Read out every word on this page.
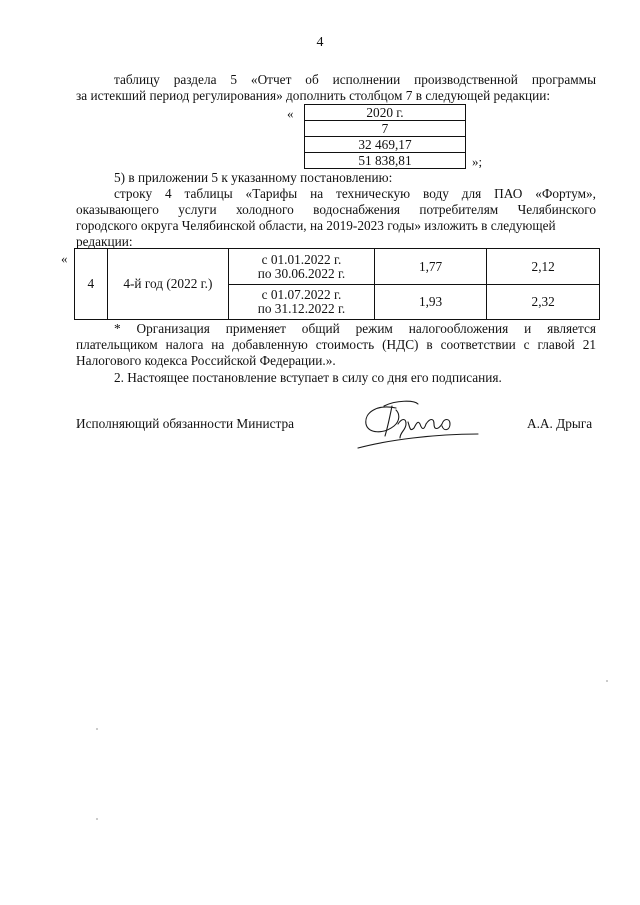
4
таблицу раздела 5 «Отчет об исполнении производственной программы
за истекший период регулирования» дополнить столбцом 7 в следующей редакции:
«	2020 г.
7
32 469,17
51 838,81	»;
5) в приложении 5 к указанному постановлению:
строку 4 таблицы «Тарифы на техническую воду для ПАО «Фортум»,
оказывающего услуги холодного водоснабжения потребителям Челябинского
городского округа Челябинской области, на 2019-2023 годы» изложить в следующей
редакции:
«
4	4-й год (2022 г.)	с 01.01.2022 г.
по 30.06.2022 г.	1,77	2,12

		с 01.07.2022 г.
по 31.12.2022 г.	1,93	2,32
* Организация применяет общий режим налогообложения и является
плательщиком налога на добавленную стоимость (НДС) в соответствии с главой 21
Налогового кодекса Российской Федерации.».
2. Настоящее постановление вступает в силу со дня его подписания.
Исполняющий обязанности Министра	А.А. Дрыга
